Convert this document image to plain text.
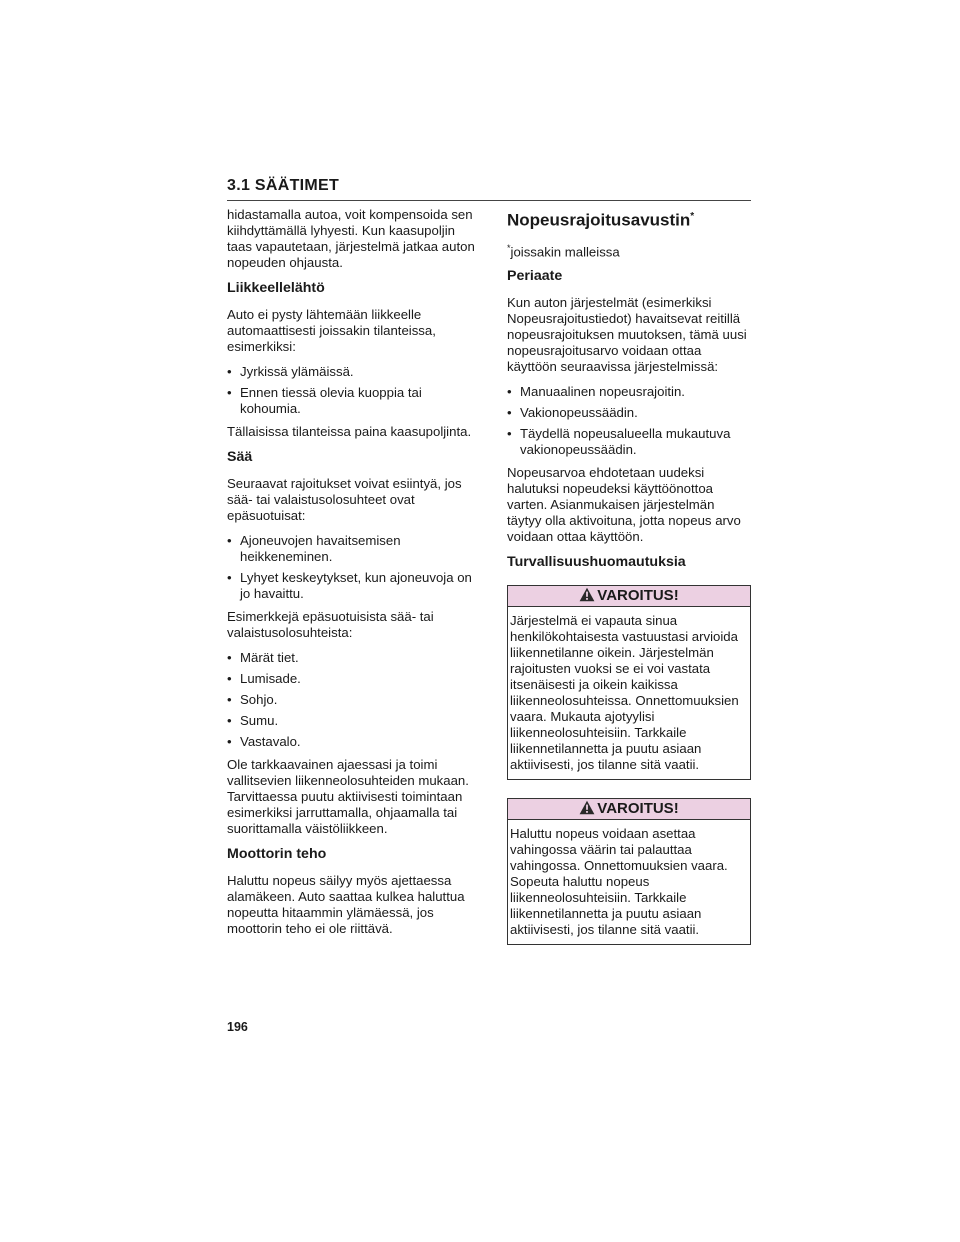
3.1 SÄÄTIMET

hidastamalla autoa, voit kompensoida sen kiihdyttämällä lyhyesti. Kun kaasupoljin taas vapautetaan, järjestelmä jatkaa auton nopeuden ohjausta.

Liikkeellelähtö

Auto ei pysty lähtemään liikkeelle automaattisesti joissakin tilanteissa, esimerkiksi:

• Jyrkissä ylämäissä.
• Ennen tiessä olevia kuoppia tai kohoumia.

Tällaisissa tilanteissa paina kaasupoljinta.

Sää

Seuraavat rajoitukset voivat esiintyä, jos sää- tai valaistusolosuhteet ovat epäsuotuisat:

• Ajoneuvojen havaitsemisen heikkeneminen.
• Lyhyet keskeytykset, kun ajoneuvoja on jo havaittu.

Esimerkkejä epäsuotuisista sää- tai valaistusolosuhteista:

• Märät tiet.
• Lumisade.
• Sohjo.
• Sumu.
• Vastavalo.

Ole tarkkaavainen ajaessasi ja toimi vallitsevien liikenneolosuhteiden mukaan. Tarvittaessa puutu aktiivisesti toimintaan esimerkiksi jarruttamalla, ohjaamalla tai suorittamalla väistöliikkeen.

Moottorin teho

Haluttu nopeus säilyy myös ajettaessa alamäkeen. Auto saattaa kulkea haluttua nopeutta hitaammin ylämäessä, jos moottorin teho ei ole riittävä.

Nopeusrajoitusavustin*

*joissakin malleissa

Periaate

Kun auton järjestelmät (esimerkiksi Nopeusrajoitustiedot) havaitsevat reitillä nopeusrajoituksen muutoksen, tämä uusi nopeusrajoitusarvo voidaan ottaa käyttöön seuraavissa järjestelmissä:

• Manuaalinen nopeusrajoitin.
• Vakionopeussäädin.
• Täydellä nopeusalueella mukautuva vakionopeussäädin.

Nopeusarvoa ehdotetaan uudeksi halutuksi nopeudeksi käyttöönottoa varten. Asianmukaisen järjestelmän täytyy olla aktivoituna, jotta nopeus arvo voidaan ottaa käyttöön.

Turvallisuushuomautuksia
VAROITUS!
Järjestelmä ei vapauta sinua henkilökohtaisesta vastuustasi arvioida liikennetilanne oikein. Järjestelmän rajoitusten vuoksi se ei voi vastata itsenäisesti ja oikein kaikissa liikenneolosuhteissa. Onnettomuuksien vaara. Mukauta ajotyylisi liikenneolosuhteisiin. Tarkkaile liikennetilannetta ja puutu asiaan aktiivisesti, jos tilanne sitä vaatii.
VAROITUS!
Haluttu nopeus voidaan asettaa vahingossa väärin tai palauttaa vahingossa. Onnettomuuksien vaara. Sopeuta haluttu nopeus liikenneolosuhteisiin. Tarkkaile liikennetilannetta ja puutu asiaan aktiivisesti, jos tilanne sitä vaatii.
196
